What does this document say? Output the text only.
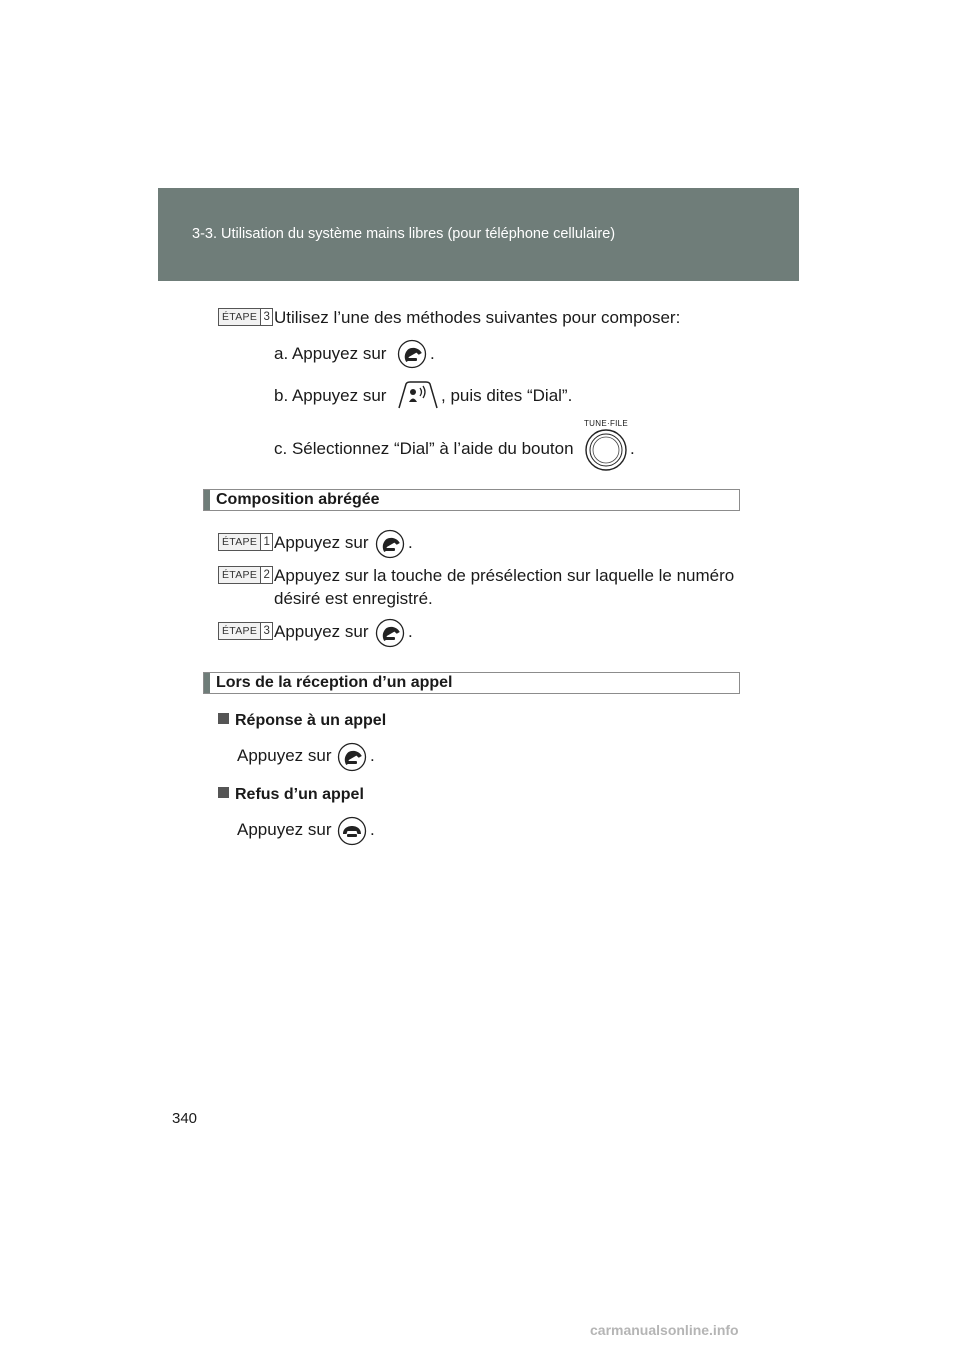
3-3. Utilisation du système mains libres (pour téléphone cellulaire)
ÉTAPE 3 Utilisez l’une des méthodes suivantes pour composer:
a. Appuyez sur	.
b. Appuyez sur	, puis dites “Dial”.
TUNE·FILE
c. Sélectionnez “Dial” à l’aide du bouton	.
Composition abrégée
ÉTAPE 1 Appuyez sur .
ÉTAPE 2 Appuyez sur la touche de présélection sur laquelle le numéro
désiré est enregistré.
ÉTAPE 3 Appuyez sur .
Lors de la réception d’un appel
Réponse à un appel
Appuyez sur .
Refus d’un appel
Appuyez sur .
340
carmanualsonline.info
